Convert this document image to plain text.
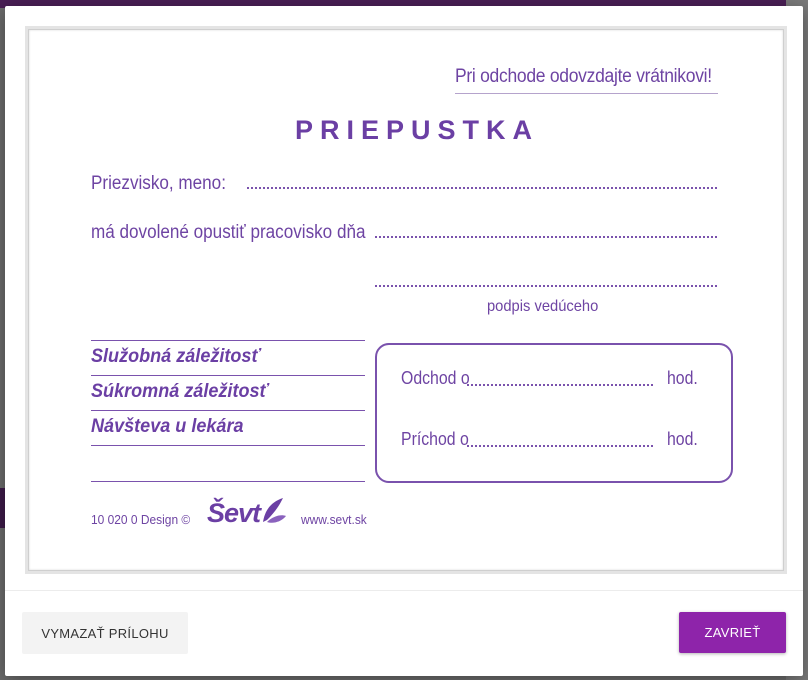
Pri odchode odovzdajte vrátnikovi!
PRIEPUSTKA
Priezvisko, meno:
má dovolené opustiť pracovisko dňa
podpis vedúceho
Služobná záležitosť
Súkromná záležitosť
Návšteva u lekára
Odchod o	hod.
Príchod o	hod.
10 020 0 Design © Ševt	www.sevt.sk
VYMAZAŤ PRÍLOHU	ZAVRIEŤ
